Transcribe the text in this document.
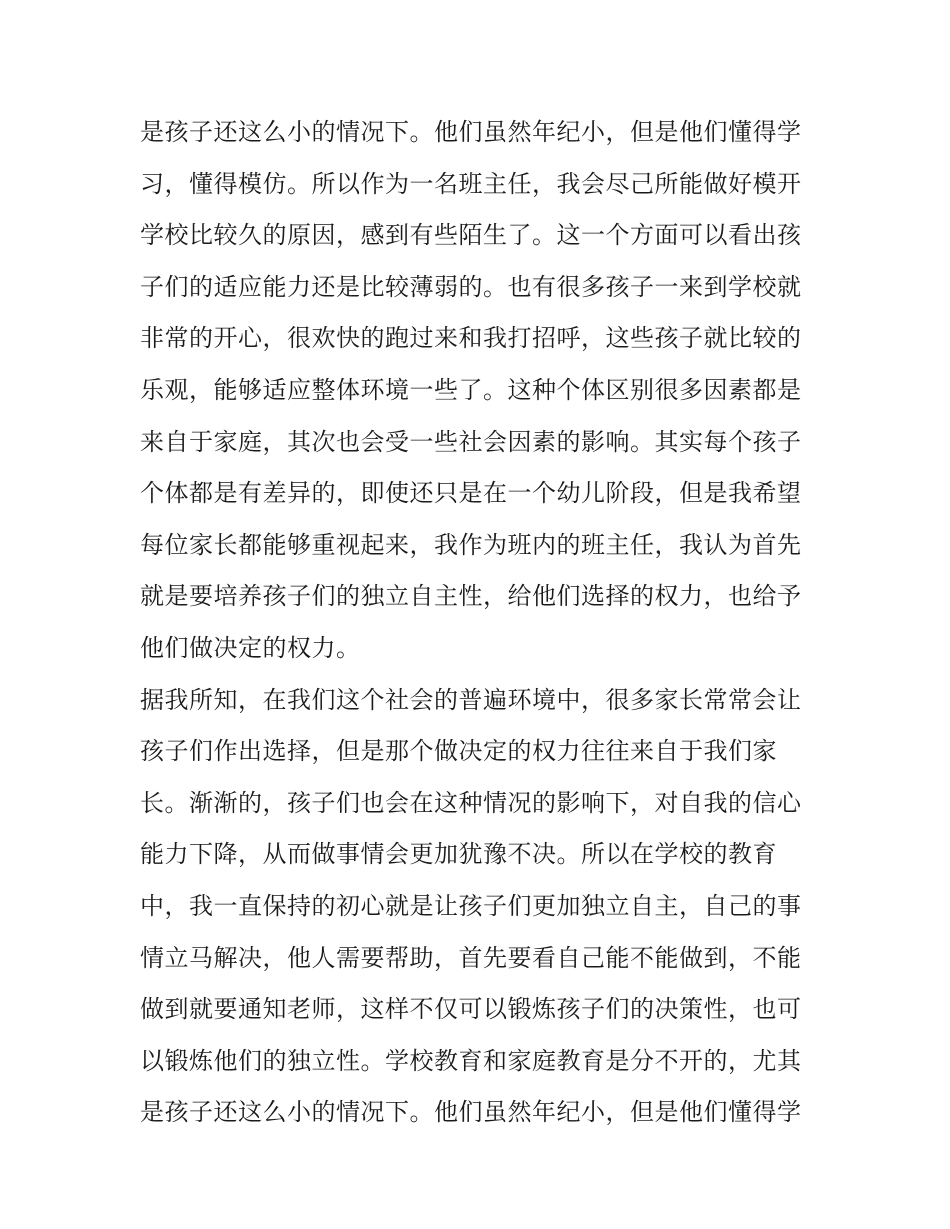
是孩子还这么小的情况下。他们虽然年纪小，但是他们懂得学
习，懂得模仿。所以作为一名班主任，我会尽己所能做好模开
学校比较久的原因，感到有些陌生了。这一个方面可以看出孩
子们的适应能力还是比较薄弱的。也有很多孩子一来到学校就
非常的开心，很欢快的跑过来和我打招呼，这些孩子就比较的
乐观，能够适应整体环境一些了。这种个体区别很多因素都是
来自于家庭，其次也会受一些社会因素的影响。其实每个孩子
个体都是有差异的，即使还只是在一个幼儿阶段，但是我希望
每位家长都能够重视起来，我作为班内的班主任，我认为首先
就是要培养孩子们的独立自主性，给他们选择的权力，也给予
他们做决定的权力。
据我所知，在我们这个社会的普遍环境中，很多家长常常会让
孩子们作出选择，但是那个做决定的权力往往来自于我们家
长。渐渐的，孩子们也会在这种情况的影响下，对自我的信心
能力下降，从而做事情会更加犹豫不决。所以在学校的教育
中，我一直保持的初心就是让孩子们更加独立自主，自己的事
情立马解决，他人需要帮助，首先要看自己能不能做到，不能
做到就要通知老师，这样不仅可以锻炼孩子们的决策性，也可
以锻炼他们的独立性。学校教育和家庭教育是分不开的，尤其
是孩子还这么小的情况下。他们虽然年纪小，但是他们懂得学
